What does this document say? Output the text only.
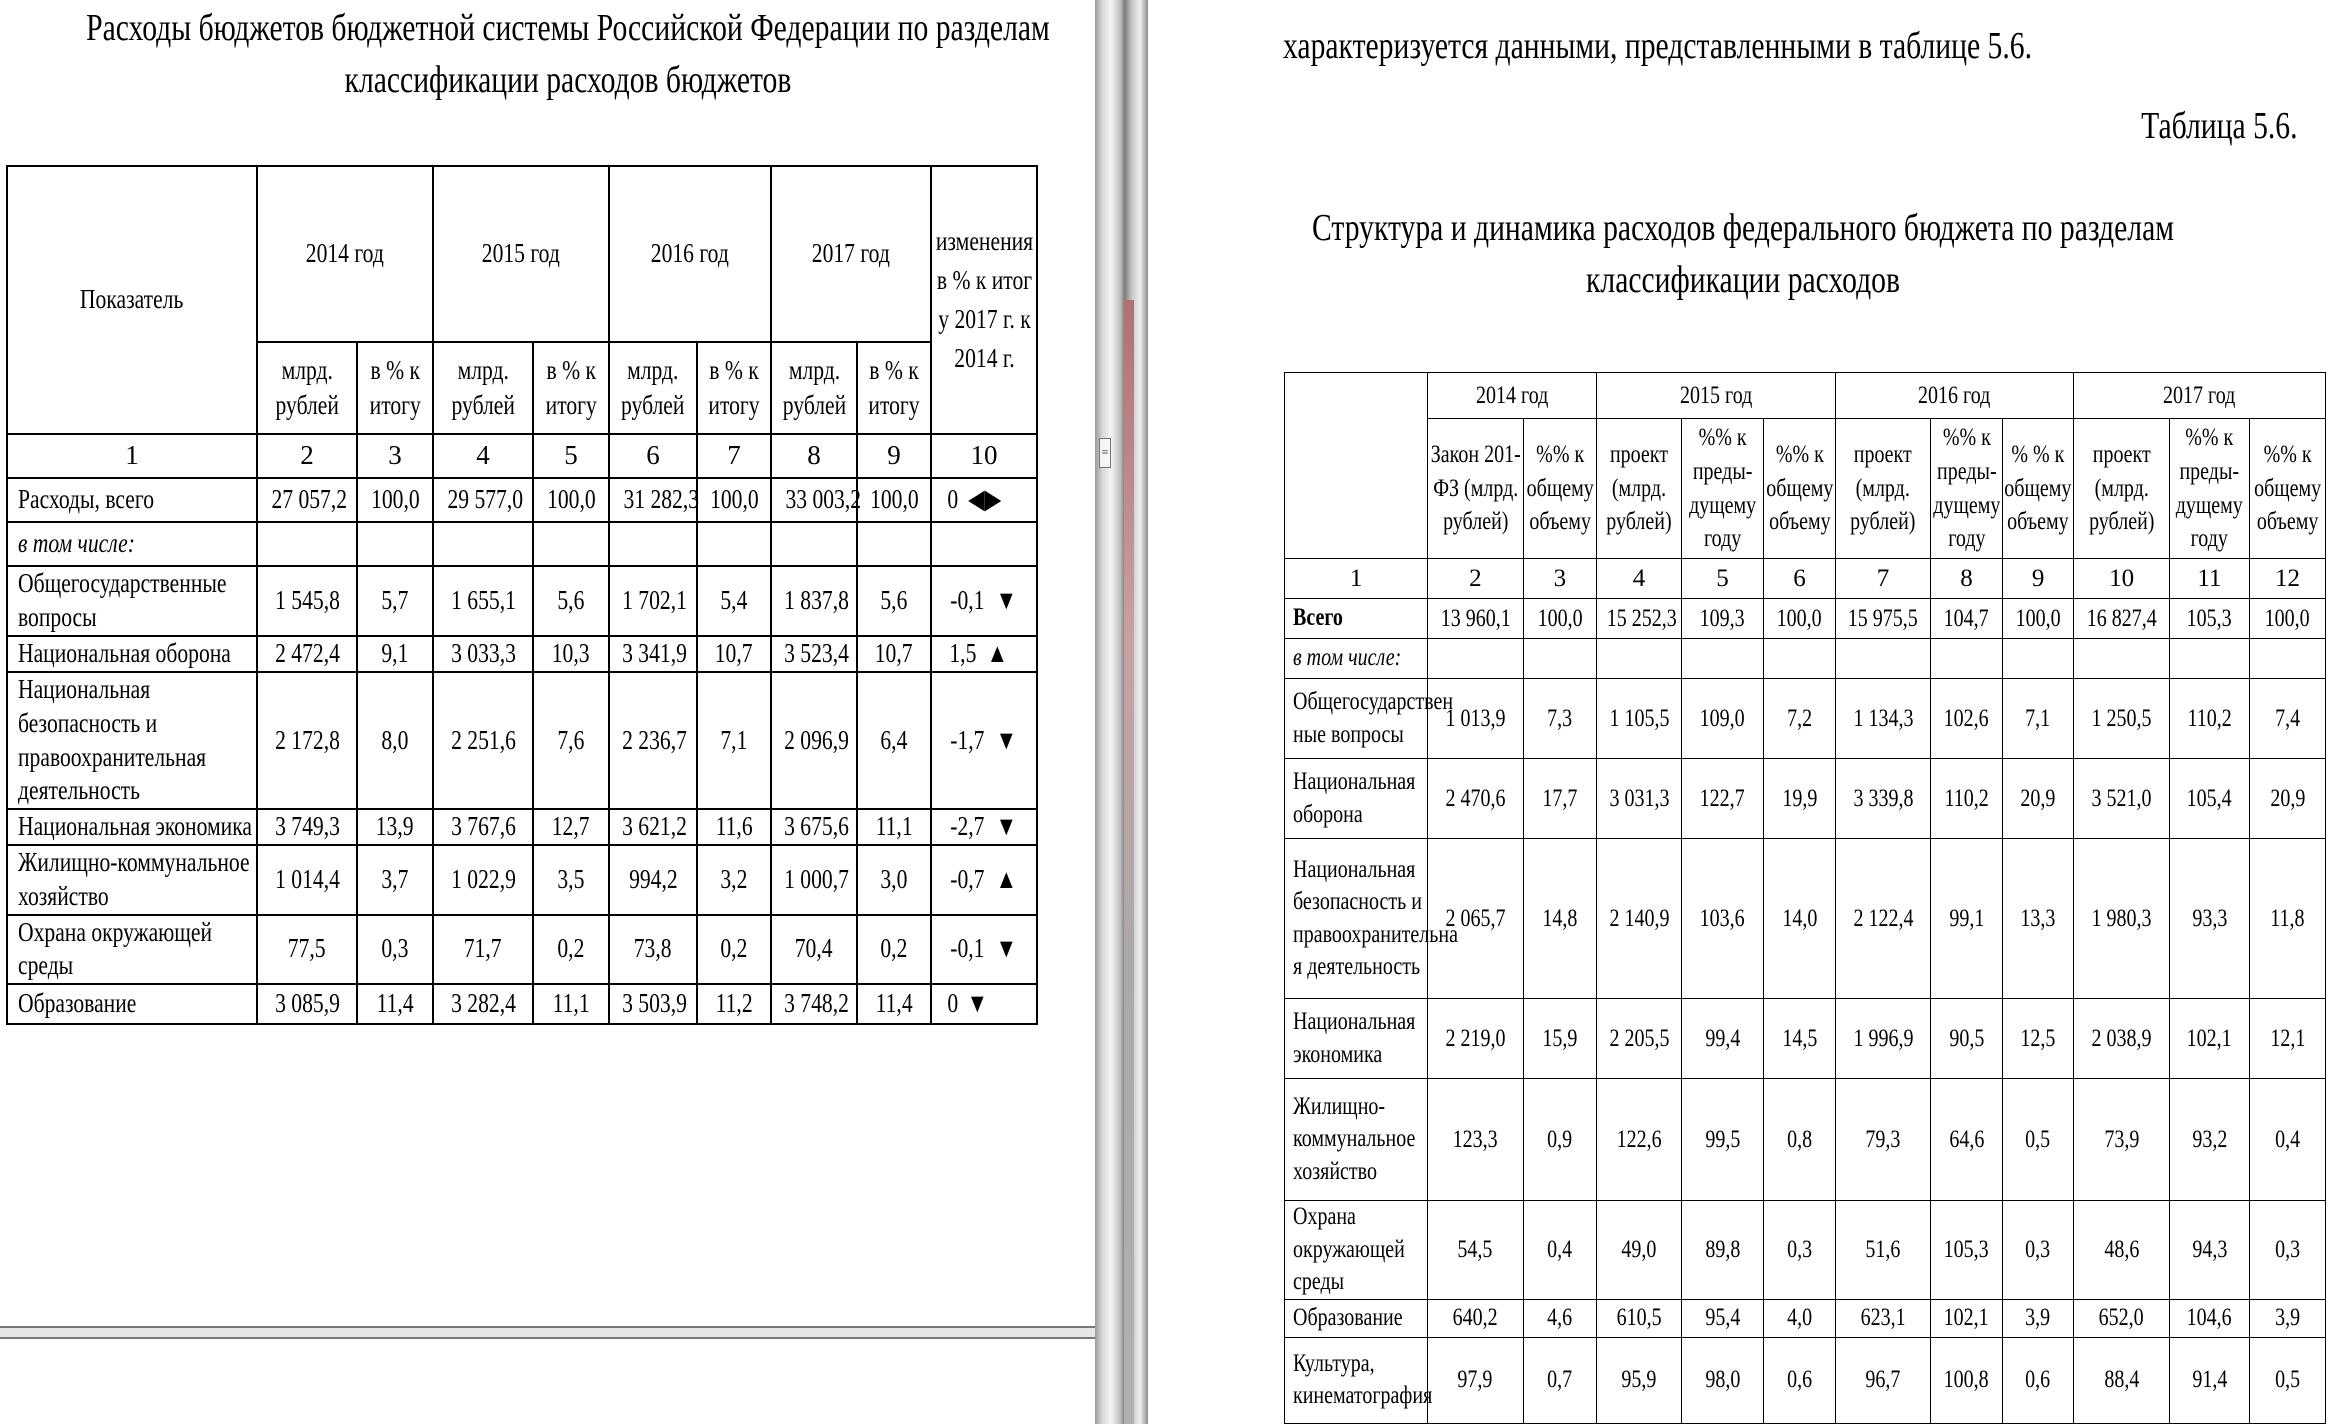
Расходы бюджетов бюджетной системы Российской Федерации по разделам классификации расходов бюджетов
Показатель	2014 год		2015 год		2016 год		2017 год		изменения в % к итогу 2017 г. к 2014 г.
	млрд. рублей	в % к итогу	млрд. рублей	в % к итогу	млрд. рублей	в % к итогу	млрд. рублей	в % к итогу	
1	2	3	4	5	6	7	8	9	10
Расходы, всего	27 057,2	100,0	29 577,0	100,0	31 282,3	100,0	33 003,2	100,0	0 ◀▶
в том числе:									
Общегосударственные вопросы	1 545,8	5,7	1 655,1	5,6	1 702,1	5,4	1 837,8	5,6	-0,1 ▼
Национальная оборона	2 472,4	9,1	3 033,3	10,3	3 341,9	10,7	3 523,4	10,7	1,5 ▲
Национальная безопасность и правоохранительная деятельность	2 172,8	8,0	2 251,6	7,6	2 236,7	7,1	2 096,9	6,4	-1,7 ▼
Национальная экономика	3 749,3	13,9	3 767,6	12,7	3 621,2	11,6	3 675,6	11,1	-2,7 ▼
Жилищно-коммунальное хозяйство	1 014,4	3,7	1 022,9	3,5	994,2	3,2	1 000,7	3,0	-0,7 ▲
Охрана окружающей среды	77,5	0,3	71,7	0,2	73,8	0,2	70,4	0,2	-0,1 ▼
Образование	3 085,9	11,4	3 282,4	11,1	3 503,9	11,2	3 748,2	11,4	0 ▼
≡
характеризуется данными, представленными в таблице 5.6.
Таблица 5.6.
Структура и динамика расходов федерального бюджета по разделам классификации расходов
	2014 год		2015 год			2016 год			2017 год		
	Закон 201-ФЗ (млрд. рублей)	%% к общему объему	проект (млрд. рублей)	%% к преды-дущему году	%% к общему объему	проект (млрд. рублей)	%% к преды-дущему году	% % к общему объему	проект (млрд. рублей)	%% к преды-дущему году	%% к общему объему
1	2	3	4	5	6	7	8	9	10	11	12
Всего	13 960,1	100,0	15 252,3	109,3	100,0	15 975,5	104,7	100,0	16 827,4	105,3	100,0
в том числе:											
Общегосударствен ные вопросы	1 013,9	7,3	1 105,5	109,0	7,2	1 134,3	102,6	7,1	1 250,5	110,2	7,4
Национальная оборона	2 470,6	17,7	3 031,3	122,7	19,9	3 339,8	110,2	20,9	3 521,0	105,4	20,9
Национальная безопасность и правоохранительна я деятельность	2 065,7	14,8	2 140,9	103,6	14,0	2 122,4	99,1	13,3	1 980,3	93,3	11,8
Национальная экономика	2 219,0	15,9	2 205,5	99,4	14,5	1 996,9	90,5	12,5	2 038,9	102,1	12,1
Жилищно-коммунальное хозяйство	123,3	0,9	122,6	99,5	0,8	79,3	64,6	0,5	73,9	93,2	0,4
Охрана окружающей среды	54,5	0,4	49,0	89,8	0,3	51,6	105,3	0,3	48,6	94,3	0,3
Образование	640,2	4,6	610,5	95,4	4,0	623,1	102,1	3,9	652,0	104,6	3,9
Культура, кинематография	97,9	0,7	95,9	98,0	0,6	96,7	100,8	0,6	88,4	91,4	0,5
